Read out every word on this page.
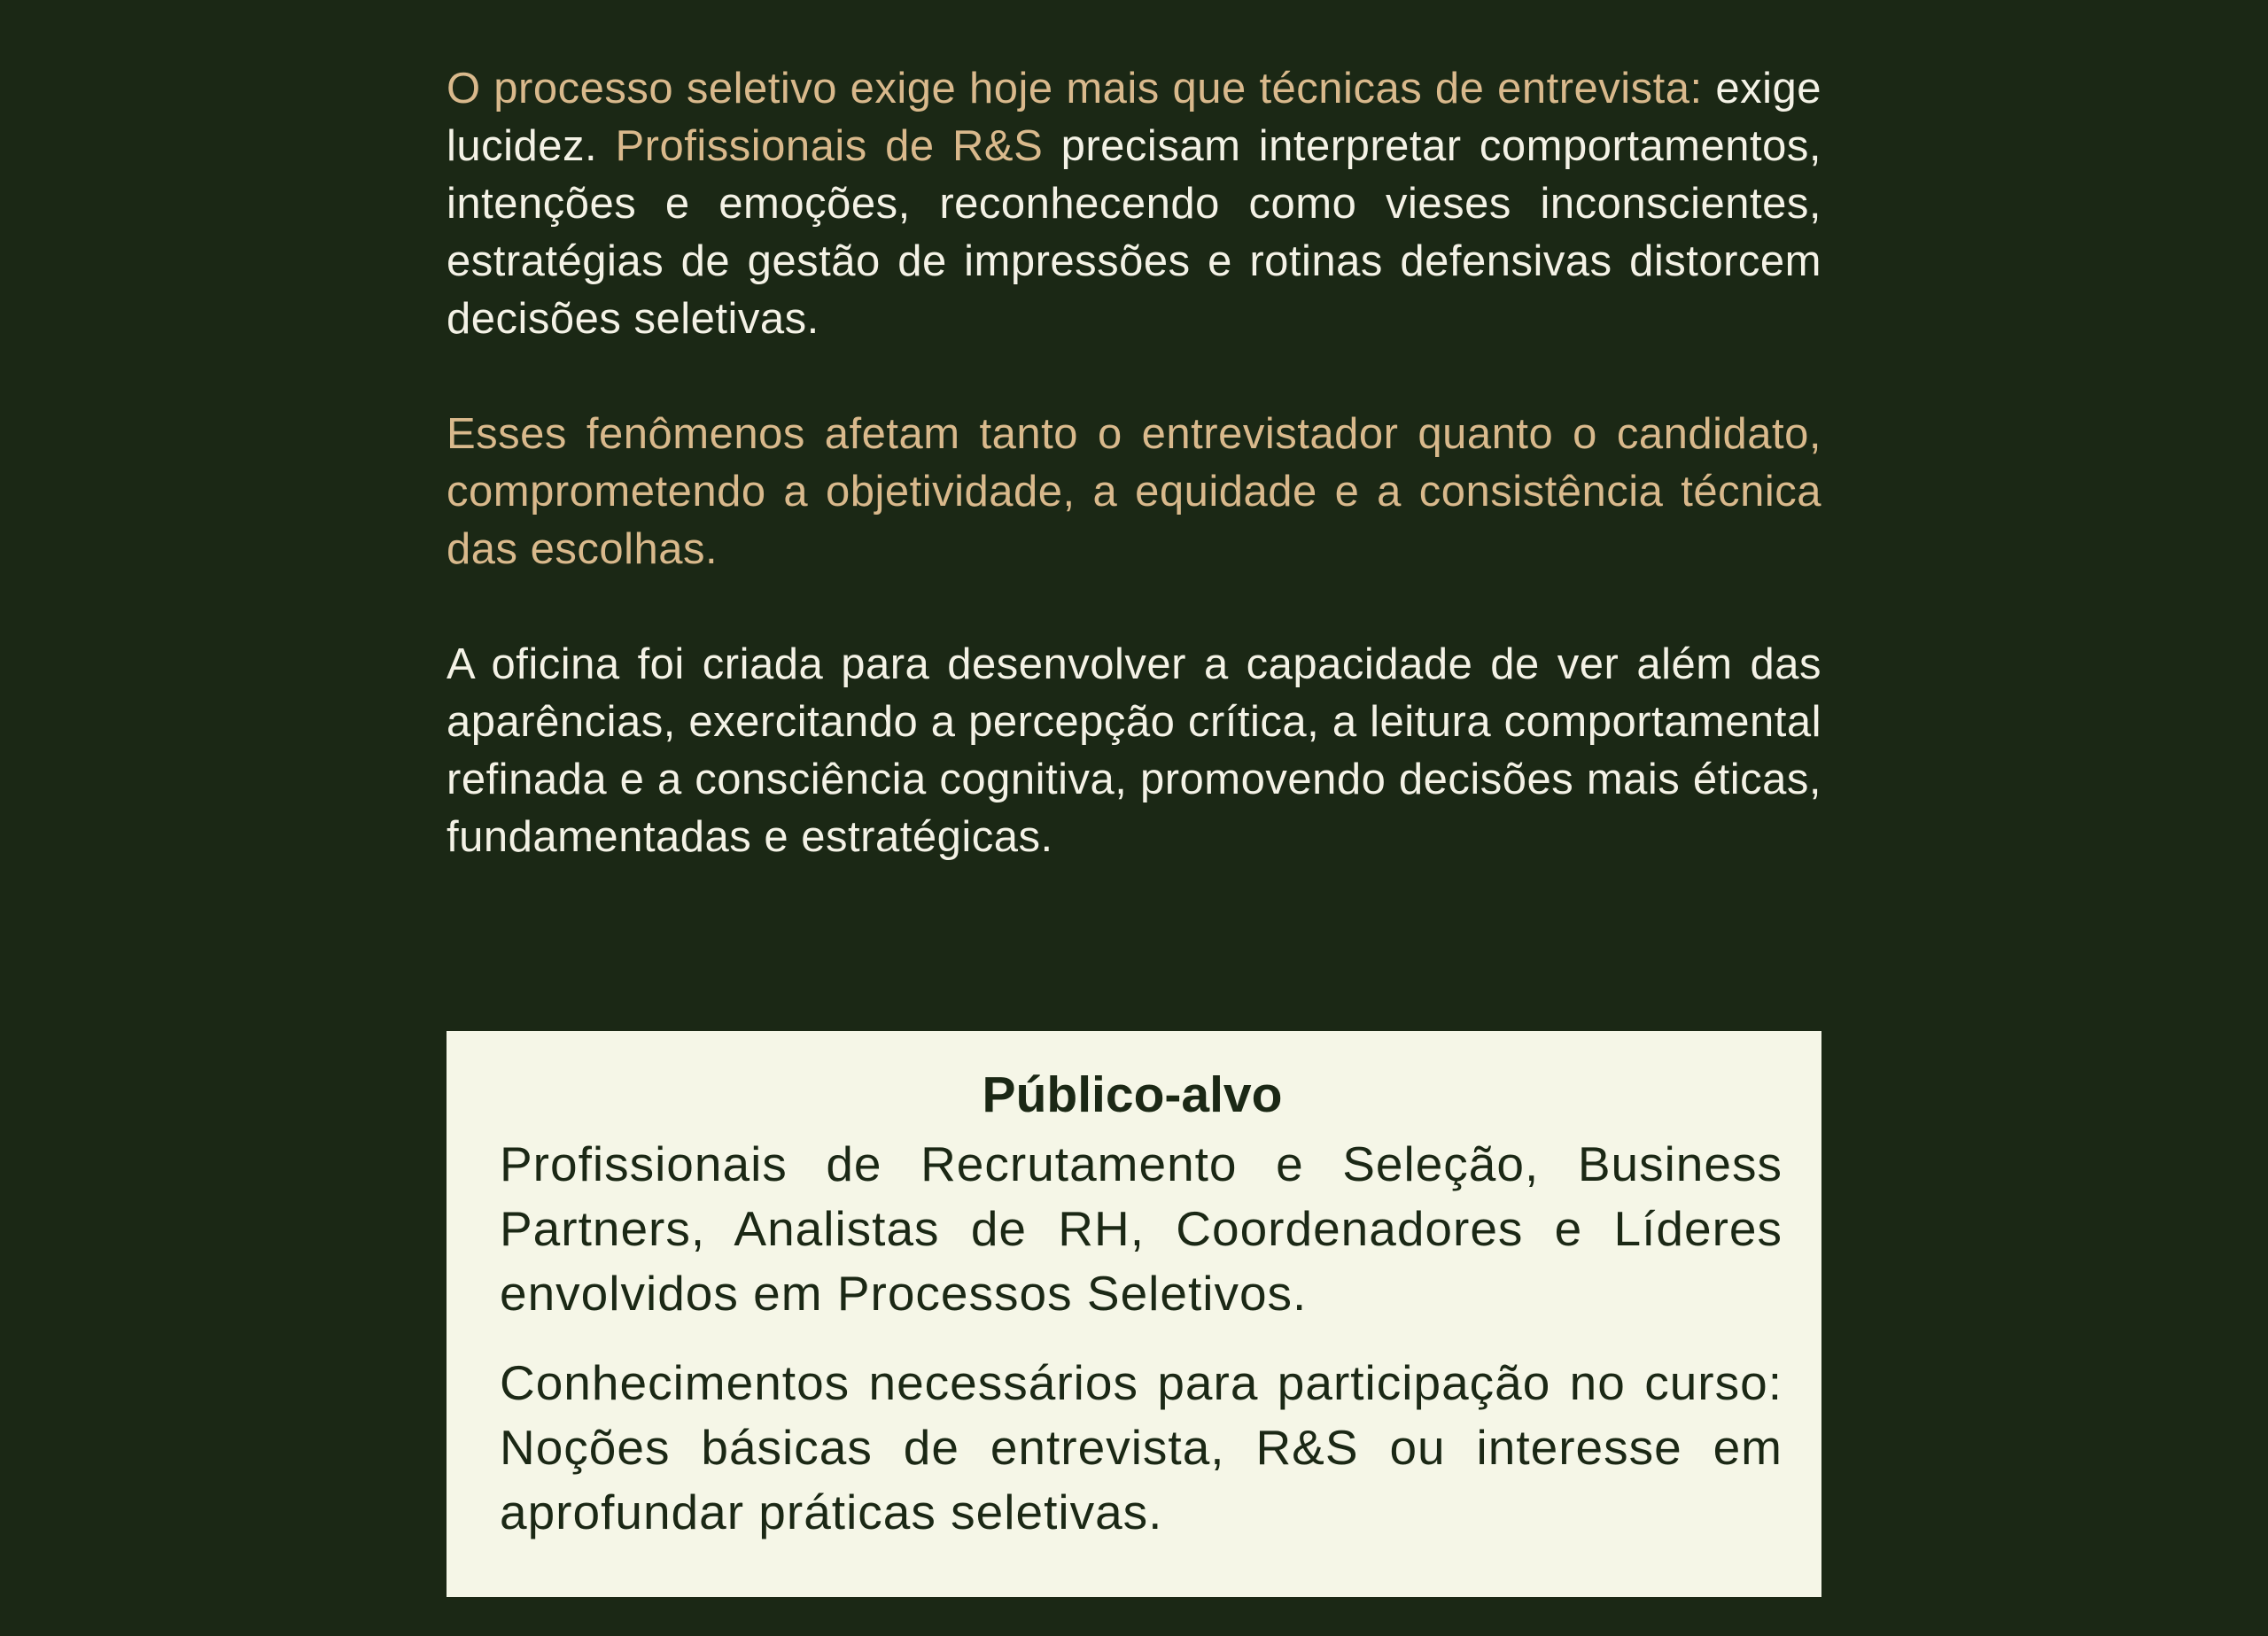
O processo seletivo exige hoje mais que técnicas de entrevista: exige lucidez. Profissionais de R&S precisam interpretar comportamentos, intenções e emoções, reconhecendo como vieses inconscientes, estratégias de gestão de impressões e rotinas defensivas distorcem decisões seletivas.

Esses fenômenos afetam tanto o entrevistador quanto o candidato, comprometendo a objetividade, a equidade e a consistência técnica das escolhas.

A oficina foi criada para desenvolver a capacidade de ver além das aparências, exercitando a percepção crítica, a leitura comportamental refinada e a consciência cognitiva, promovendo decisões mais éticas, fundamentadas e estratégicas.

Público-alvo

Profissionais de Recrutamento e Seleção, Business Partners, Analistas de RH, Coordenadores e Líderes envolvidos em Processos Seletivos.

Conhecimentos necessários para participação no curso: Noções básicas de entrevista, R&S ou interesse em aprofundar práticas seletivas.
